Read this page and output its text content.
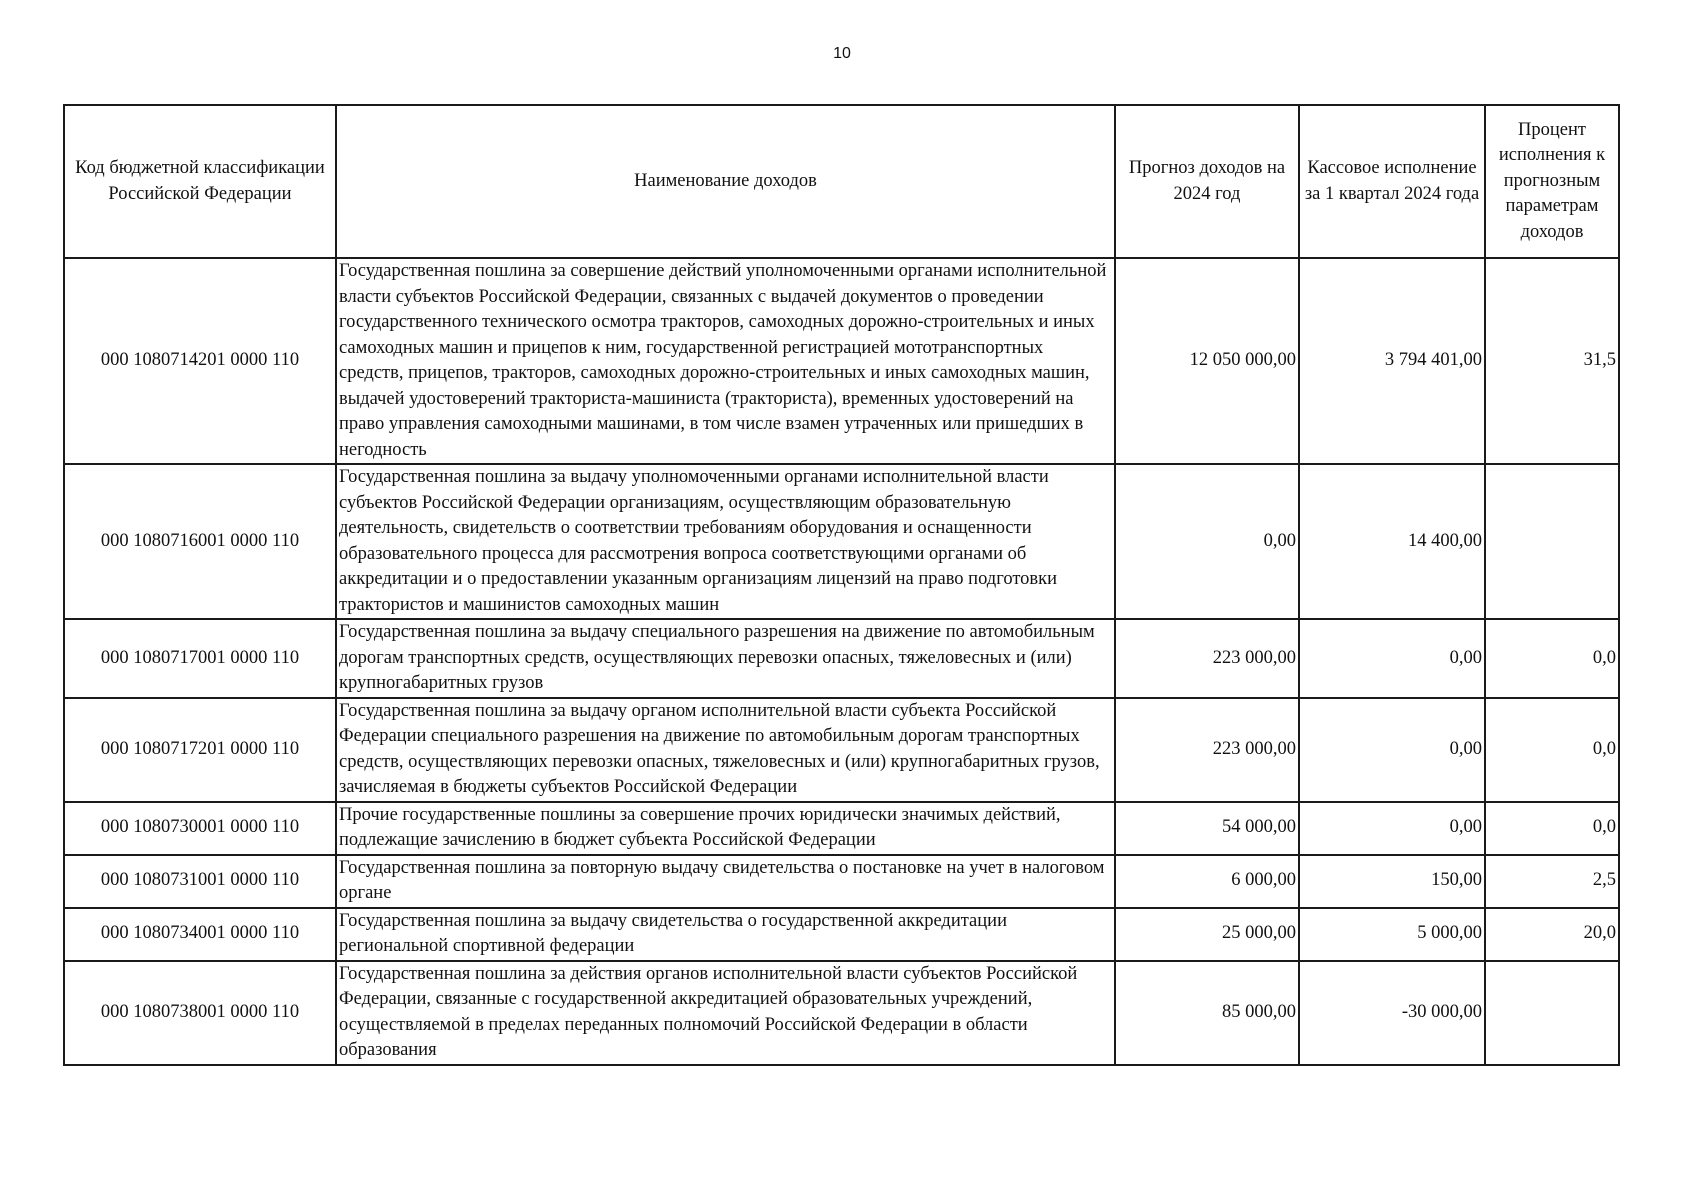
10
Код бюджетной классификации Российской Федерации	Наименование доходов	Прогноз доходов на 2024 год	Кассовое исполнение за 1 квартал 2024 года	Процент исполнения к прогнозным параметрам доходов
000 1080714201 0000 110	Государственная пошлина за совершение действий уполномоченными органами исполнительной власти субъектов Российской Федерации, связанных с выдачей документов о проведении государственного технического осмотра тракторов, самоходных дорожно-строительных и иных самоходных машин и прицепов к ним, государственной регистрацией мототранспортных средств, прицепов, тракторов, самоходных дорожно-строительных и иных самоходных машин, выдачей удостоверений тракториста-машиниста (тракториста), временных удостоверений на право управления самоходными машинами, в том числе взамен утраченных или пришедших в негодность	12 050 000,00	3 794 401,00	31,5
000 1080716001 0000 110	Государственная пошлина за выдачу уполномоченными органами исполнительной власти субъектов Российской Федерации организациям, осуществляющим образовательную деятельность, свидетельств о соответствии требованиям оборудования и оснащенности образовательного процесса для рассмотрения вопроса соответствующими органами об аккредитации и о предоставлении указанным организациям лицензий на право подготовки трактористов и машинистов самоходных машин	0,00	14 400,00	
000 1080717001 0000 110	Государственная пошлина за выдачу специального разрешения на движение по автомобильным дорогам транспортных средств, осуществляющих перевозки опасных, тяжеловесных и (или) крупногабаритных грузов	223 000,00	0,00	0,0
000 1080717201 0000 110	Государственная пошлина за выдачу органом исполнительной власти субъекта Российской Федерации специального разрешения на движение по автомобильным дорогам транспортных средств, осуществляющих перевозки опасных, тяжеловесных и (или) крупногабаритных грузов, зачисляемая в бюджеты субъектов Российской Федерации	223 000,00	0,00	0,0
000 1080730001 0000 110	Прочие государственные пошлины за совершение прочих юридически значимых действий, подлежащие зачислению в бюджет субъекта Российской Федерации	54 000,00	0,00	0,0
000 1080731001 0000 110	Государственная пошлина за повторную выдачу свидетельства о постановке на учет в налоговом органе	6 000,00	150,00	2,5
000 1080734001 0000 110	Государственная пошлина за выдачу свидетельства о государственной аккредитации региональной спортивной федерации	25 000,00	5 000,00	20,0
000 1080738001 0000 110	Государственная пошлина за действия органов исполнительной власти субъектов Российской Федерации, связанные с государственной аккредитацией образовательных учреждений, осуществляемой в пределах переданных полномочий Российской Федерации в области образования	85 000,00	-30 000,00	
